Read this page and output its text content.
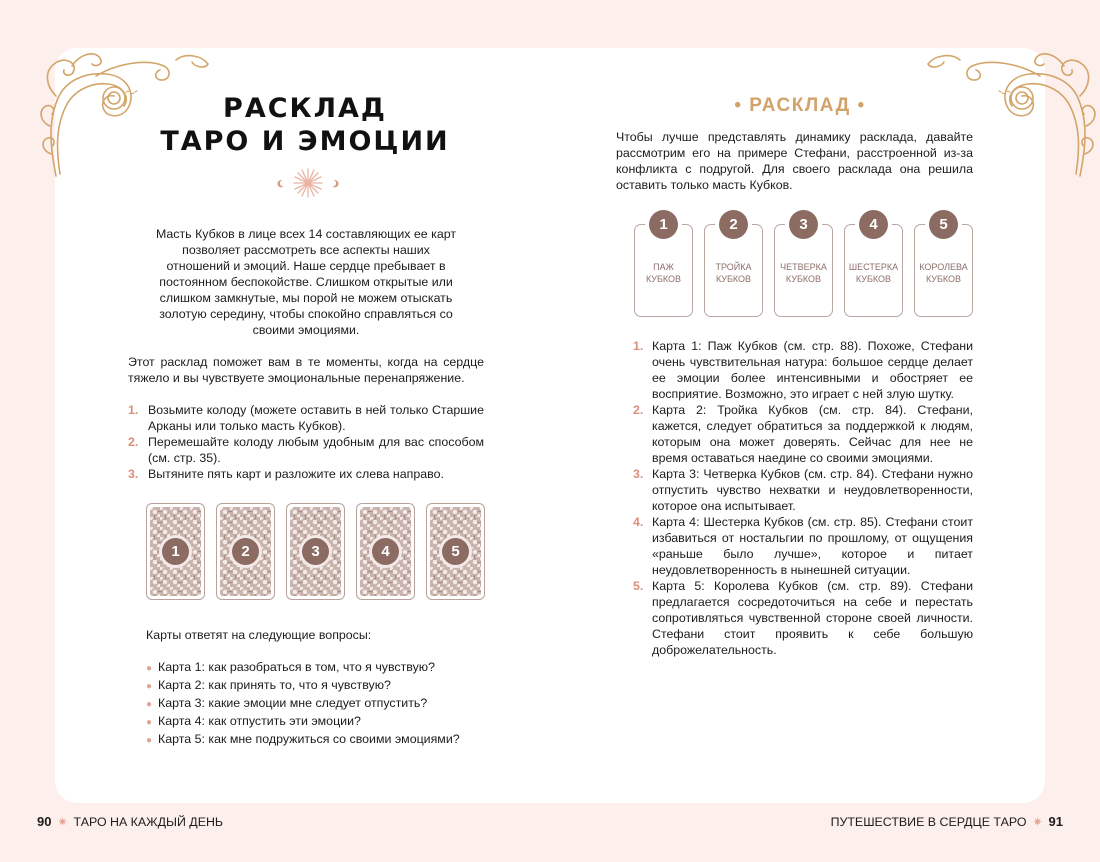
РАСКЛАД
ТАРО И ЭМОЦИИ

Масть Кубков в лице всех 14 составляющих ее карт позволяет рассмотреть все аспекты наших отношений и эмоций. Наше сердце пребывает в постоянном беспокойстве. Слишком открытые или слишком замкнутые, мы порой не можем отыскать золотую середину, чтобы спокойно справляться со своими эмоциями.

Этот расклад поможет вам в те моменты, когда на сердце тяжело и вы чувствуете эмоциональные перенапряжение.

1. Возьмите колоду (можете оставить в ней только Старшие Арканы или только масть Кубков).
2. Перемешайте колоду любым удобным для вас способом (см. стр. 35).
3. Вытяните пять карт и разложите их слева направо.
1	2	3	4	5

Карты ответят на следующие вопросы:

● Карта 1: как разобраться в том, что я чувствую?
● Карта 2: как принять то, что я чувствую?
● Карта 3: какие эмоции мне следует отпустить?
● Карта 4: как отпустить эти эмоции?
● Карта 5: как мне подружиться со своими эмоциями?
• РАСКЛАД •

Чтобы лучше представлять динамику расклада, давайте рассмотрим его на примере Стефани, расстроенной из-за конфликта с подругой. Для своего расклада она решила оставить только масть Кубков.

1
ПАЖ
КУБКОВ
2
ТРОЙКА
КУБКОВ
3
ЧЕТВЕРКА
КУБКОВ
4
ШЕСТЕРКА
КУБКОВ
5
КОРОЛЕВА
КУБКОВ
1. Карта 1: Паж Кубков (см. стр. 88). Похоже, Стефани очень чувствительная натура: большое сердце делает ее эмоции более интенсивными и обостряет ее восприятие. Возможно, это играет с ней злую шутку.
2. Карта 2: Тройка Кубков (см. стр. 84). Стефани, кажется, следует обратиться за поддержкой к людям, которым она может доверять. Сейчас для нее не время оставаться наедине со своими эмоциями.
3. Карта 3: Четверка Кубков (см. стр. 84). Стефани нужно отпустить чувство нехватки и неудовлетворенности, которое она испытывает.
4. Карта 4: Шестерка Кубков (см. стр. 85). Стефани стоит избавиться от ностальгии по прошлому, от ощущения «раньше было лучше», которое и питает неудовлетворенность в нынешней ситуации.
5. Карта 5: Королева Кубков (см. стр. 89). Стефани предлагается сосредоточиться на себе и перестать сопротивляться чувственной стороне своей личности. Стефани стоит проявить к себе большую доброжелательность.
90 ✷ ТАРО НА КАЖДЫЙ ДЕНЬ	ПУТЕШЕСТВИЕ В СЕРДЦЕ ТАРО ✷ 91
